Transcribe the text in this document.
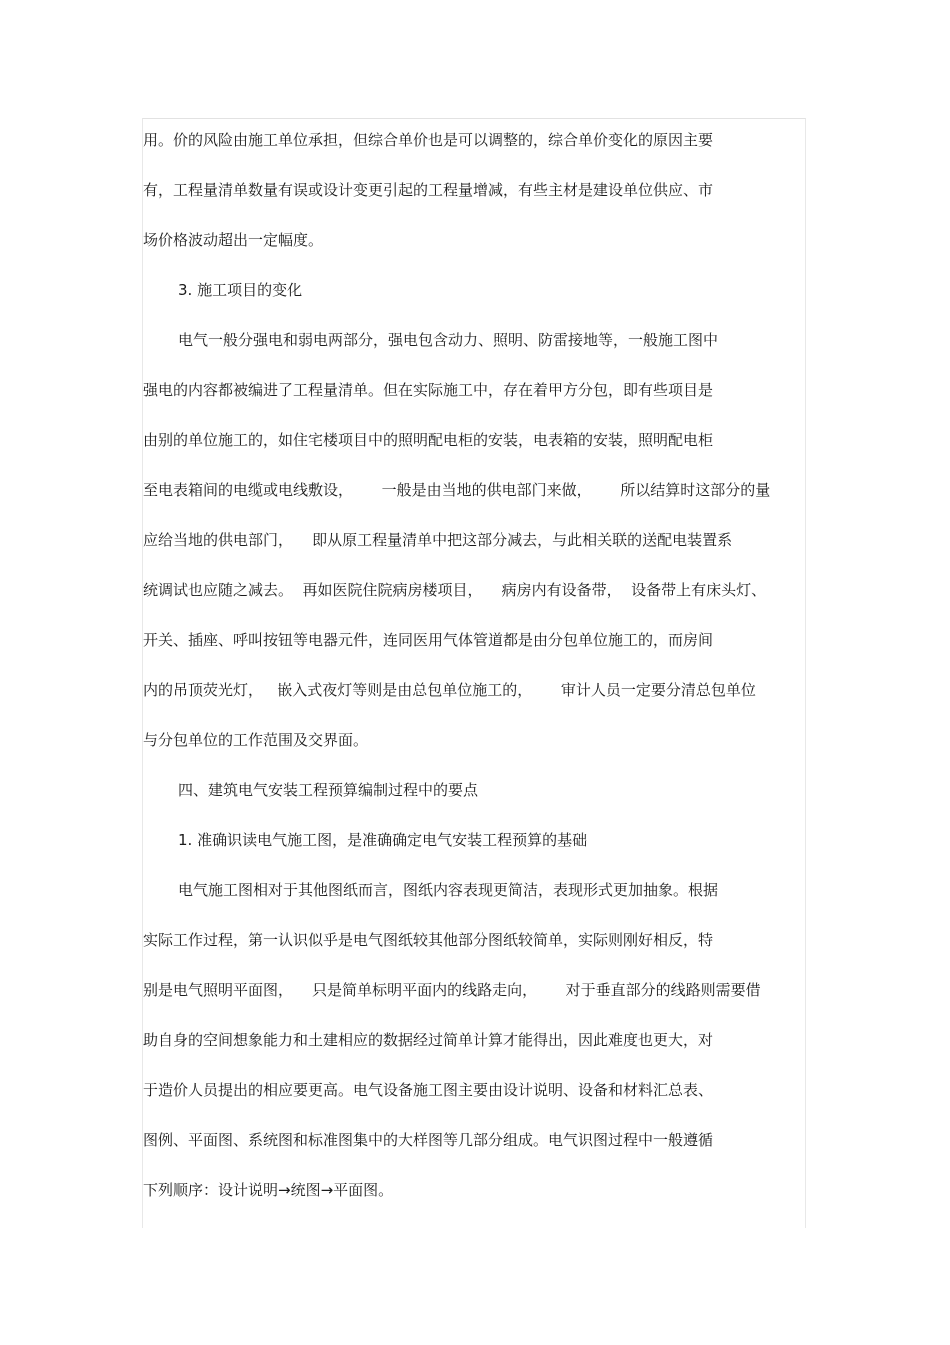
用。价的风险由施工单位承担，但综合单价也是可以调整的，综合单价变化的原因主要
有，工程量清单数量有误或设计变更引起的工程量增减，有些主材是建设单位供应、市
场价格波动超出一定幅度。
3. 施工项目的变化
电气一般分强电和弱电两部分，强电包含动力、照明、防雷接地等，一般施工图中
强电的内容都被编进了工程量清单。但在实际施工中，存在着甲方分包，即有些项目是
由别的单位施工的，如住宅楼项目中的照明配电柜的安装，电表箱的安装，照明配电柜
至电表箱间的电缆或电线敷设，      一般是由当地的供电部门来做，      所以结算时这部分的量
应给当地的供电部门，    即从原工程量清单中把这部分减去，与此相关联的送配电装置系
统调试也应随之减去。  再如医院住院病房楼项目，    病房内有设备带，  设备带上有床头灯、
开关、插座、呼叫按钮等电器元件，连同医用气体管道都是由分包单位施工的，而房间
内的吊顶荧光灯，   嵌入式夜灯等则是由总包单位施工的，      审计人员一定要分清总包单位
与分包单位的工作范围及交界面。
四、建筑电气安装工程预算编制过程中的要点
1. 准确识读电气施工图，是准确确定电气安装工程预算的基础
电气施工图相对于其他图纸而言，图纸内容表现更简洁，表现形式更加抽象。根据
实际工作过程，第一认识似乎是电气图纸较其他部分图纸较简单，实际则刚好相反，特
别是电气照明平面图，    只是简单标明平面内的线路走向，      对于垂直部分的线路则需要借
助自身的空间想象能力和土建相应的数据经过简单计算才能得出，因此难度也更大，对
于造价人员提出的相应要更高。电气设备施工图主要由设计说明、设备和材料汇总表、
图例、平面图、系统图和标准图集中的大样图等几部分组成。电气识图过程中一般遵循
下列顺序：设计说明→统图→平面图。
